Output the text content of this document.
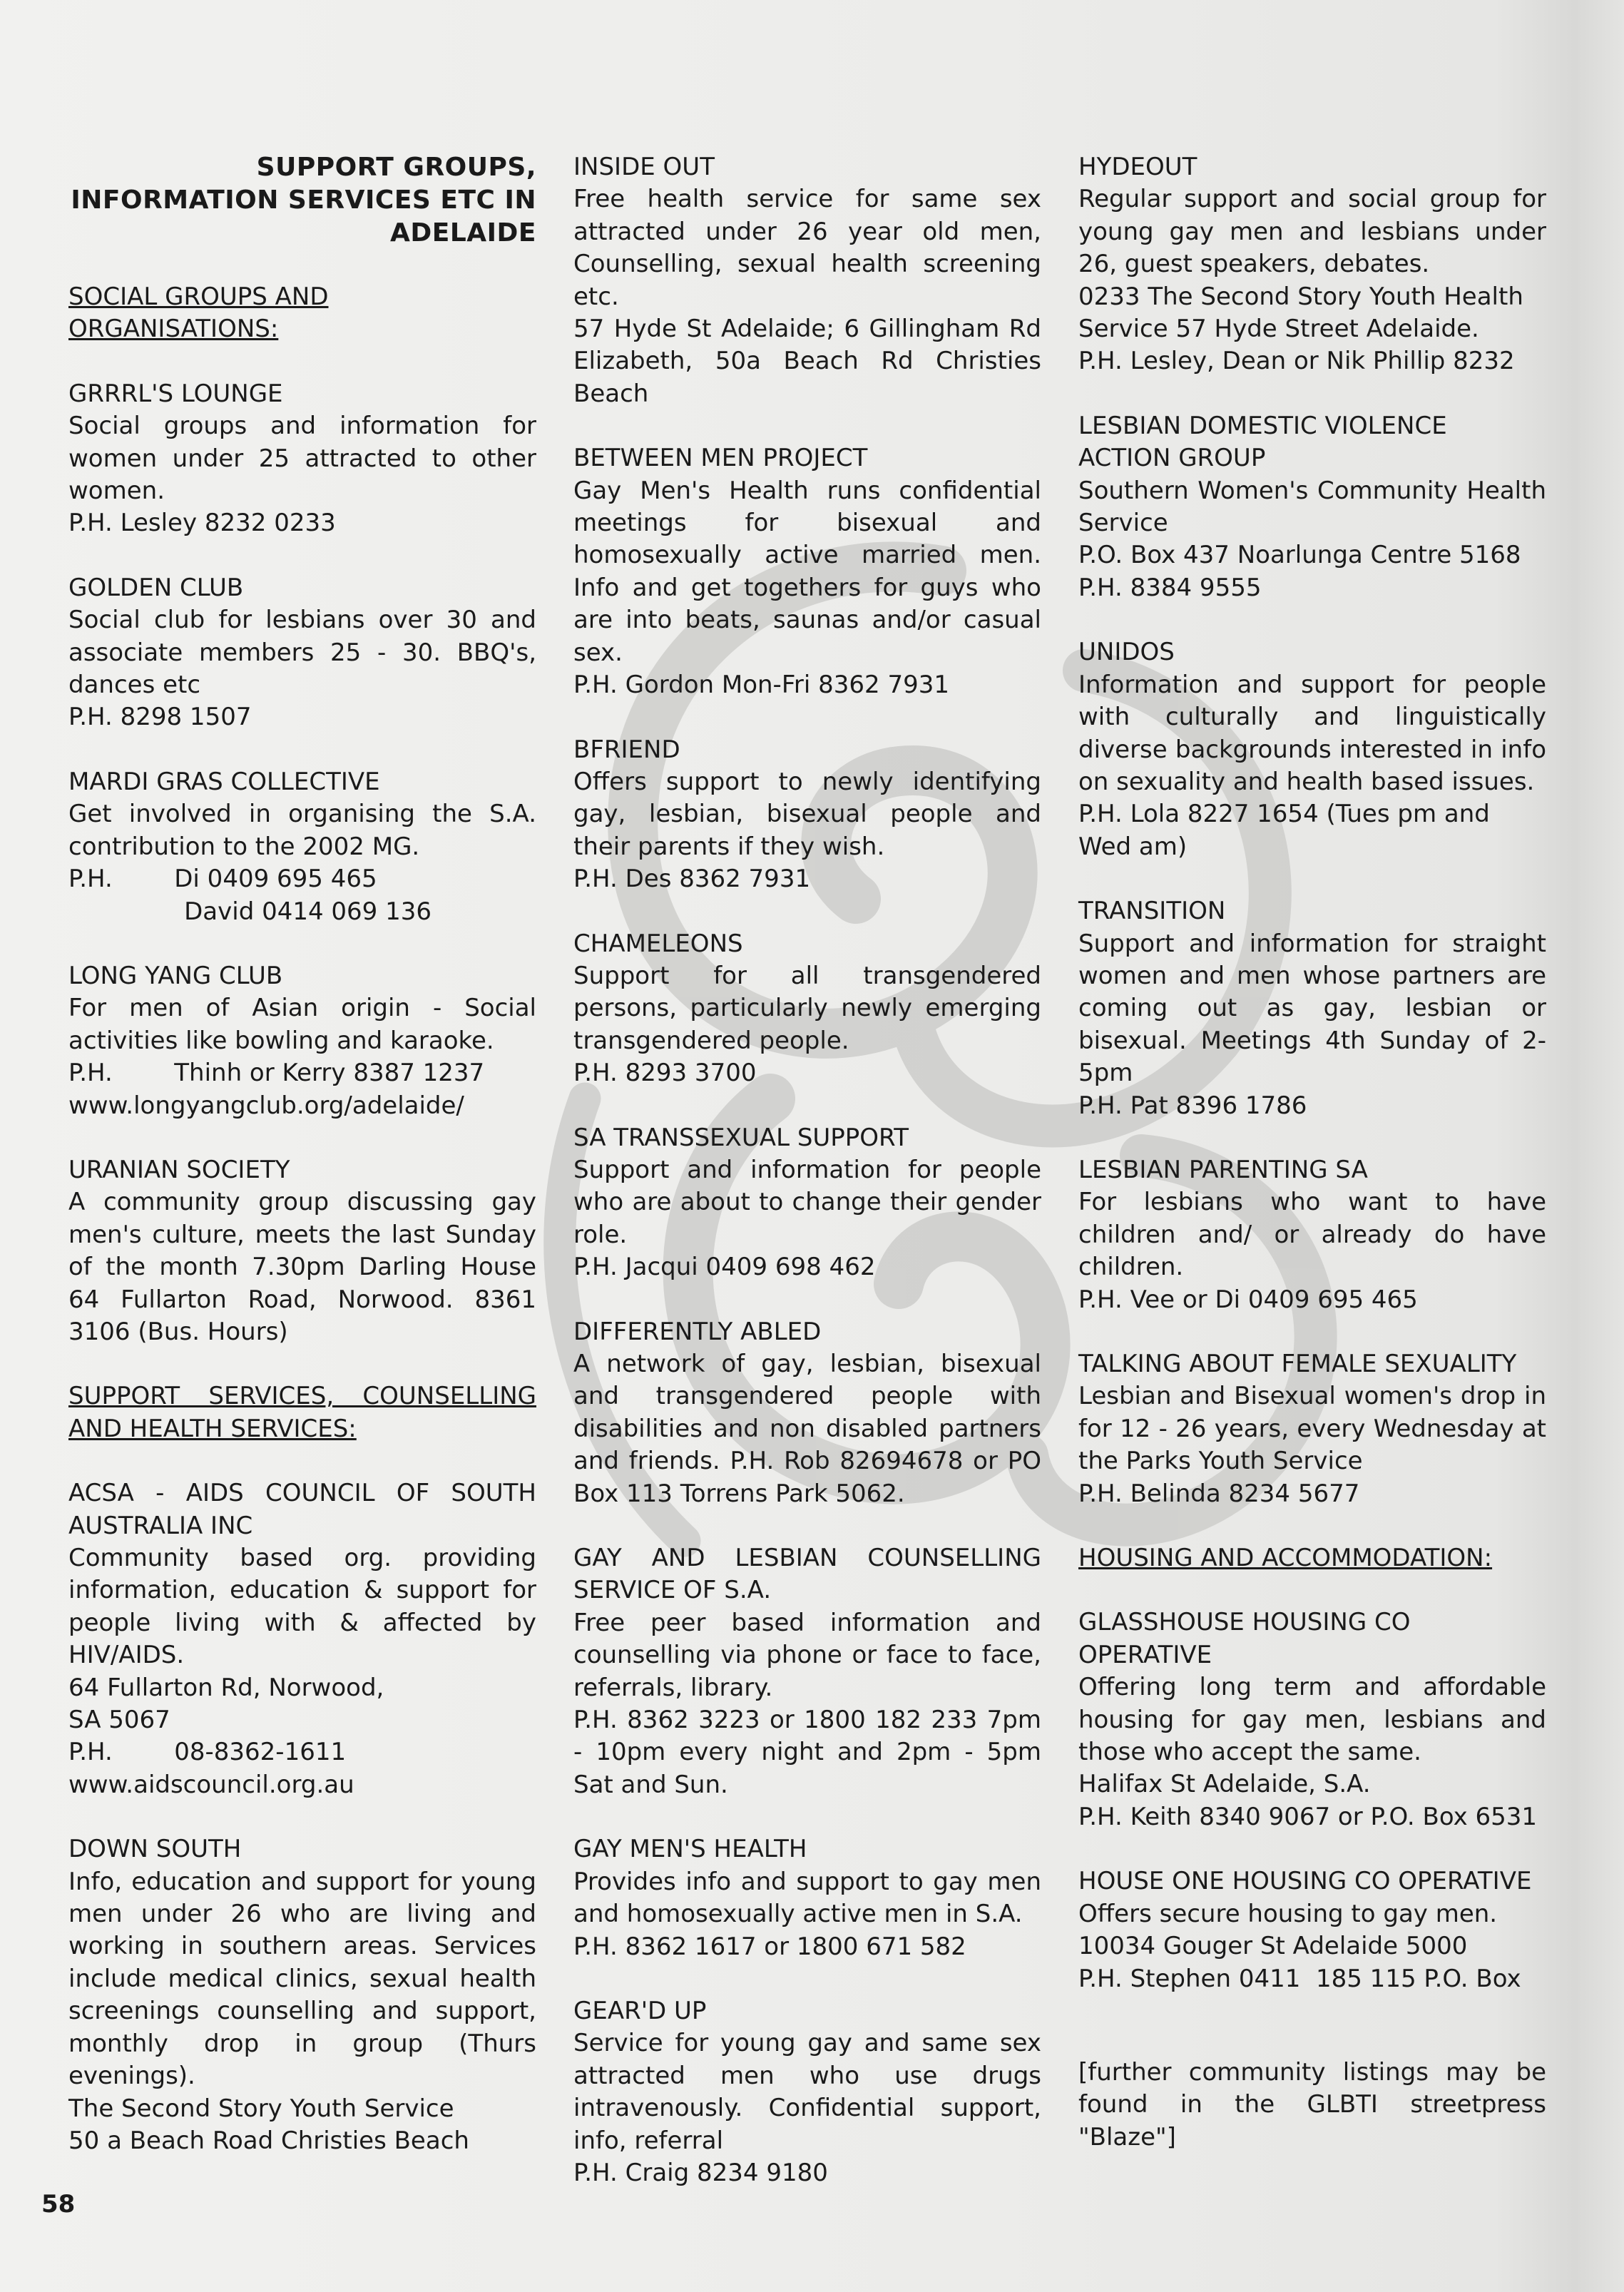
SUPPORT GROUPS,
INFORMATION SERVICES ETC IN
ADELAIDE
SOCIAL GROUPS AND ORGANISATIONS:
GRRRL'S LOUNGE
Social groups and information for women under 25 attracted to other women.
P.H. Lesley 8232 0233
GOLDEN CLUB
Social club for lesbians over 30 and associate members 25 - 30. BBQ's, dances etc
P.H. 8298 1507
MARDI GRAS COLLECTIVE
Get involved in organising the S.A. contribution to the 2002 MG.
P.H.        Di 0409 695 465
David 0414 069 136
LONG YANG CLUB
For men of Asian origin - Social activities like bowling and karaoke.
P.H.        Thinh or Kerry 8387 1237
www.longyangclub.org/adelaide/
URANIAN SOCIETY
A community group discussing gay men's culture, meets the last Sunday of the month 7.30pm Darling House 64 Fullarton Road, Norwood. 8361 3106 (Bus. Hours)
SUPPORT SERVICES, COUNSELLING
AND HEALTH SERVICES:
ACSA - AIDS COUNCIL OF SOUTH AUSTRALIA INC
Community based org. providing information, education & support for people living with & affected by HIV/AIDS.
64 Fullarton Rd, Norwood,
SA 5067
P.H.        08-8362-1611
www.aidscouncil.org.au
DOWN SOUTH
Info, education and support for young men under 26 who are living and working in southern areas. Services include medical clinics, sexual health screenings counselling and support, monthly drop in group (Thurs evenings).
The Second Story Youth Service
50 a Beach Road Christies Beach
INSIDE OUT
Free health service for same sex attracted under 26 year old men, Counselling, sexual health screening etc.
57 Hyde St Adelaide; 6 Gillingham Rd Elizabeth, 50a Beach Rd Christies Beach
BETWEEN MEN PROJECT
Gay Men's Health runs confidential meetings for bisexual and homosexually active married men. Info and get togethers for guys who are into beats, saunas and/or casual sex.
P.H. Gordon Mon-Fri 8362 7931
BFRIEND
Offers support to newly identifying gay, lesbian, bisexual people and their parents if they wish.
P.H. Des 8362 7931
CHAMELEONS
Support for all transgendered persons, particularly newly emerging transgendered people.
P.H. 8293 3700
SA TRANSSEXUAL SUPPORT
Support and information for people who are about to change their gender role.
P.H. Jacqui 0409 698 462
DIFFERENTLY ABLED
A network of gay, lesbian, bisexual and transgendered people with disabilities and non disabled partners and friends. P.H. Rob 82694678 or PO Box 113 Torrens Park 5062.
GAY AND LESBIAN COUNSELLING SERVICE OF S.A.
Free peer based information and counselling via phone or face to face, referrals, library.
P.H. 8362 3223 or 1800 182 233 7pm - 10pm every night and 2pm - 5pm Sat and Sun.
GAY MEN'S HEALTH
Provides info and support to gay men and homosexually active men in S.A.
P.H. 8362 1617 or 1800 671 582
GEAR'D UP
Service for young gay and same sex attracted men who use drugs intravenously. Confidential support, info, referral
P.H. Craig 8234 9180
HYDEOUT
Regular support and social group for young gay men and lesbians under 26, guest speakers, debates.
0233 The Second Story Youth Health Service 57 Hyde Street Adelaide.
P.H. Lesley, Dean or Nik Phillip 8232
LESBIAN DOMESTIC VIOLENCE ACTION GROUP
Southern Women's Community Health Service
P.O. Box 437 Noarlunga Centre 5168
P.H. 8384 9555
UNIDOS
Information and support for people with culturally and linguistically diverse backgrounds interested in info on sexuality and health based issues.
P.H. Lola 8227 1654 (Tues pm and Wed am)
TRANSITION
Support and information for straight women and men whose partners are coming out as gay, lesbian or bisexual. Meetings 4th Sunday of 2-5pm
P.H. Pat 8396 1786
LESBIAN PARENTING SA
For lesbians who want to have children and/ or already do have children.
P.H. Vee or Di 0409 695 465
TALKING ABOUT FEMALE SEXUALITY
Lesbian and Bisexual women's drop in for 12 - 26 years, every Wednesday at the Parks Youth Service
P.H. Belinda 8234 5677
HOUSING AND ACCOMMODATION:
GLASSHOUSE HOUSING CO OPERATIVE
Offering long term and affordable housing for gay men, lesbians and those who accept the same.
Halifax St Adelaide, S.A.
P.H. Keith 8340 9067 or P.O. Box 6531
HOUSE ONE HOUSING CO OPERATIVE
Offers secure housing to gay men.
10034 Gouger St Adelaide 5000
P.H. Stephen 0411  185 115 P.O. Box
[further community listings may be found in the GLBTI streetpress "Blaze"]
58
